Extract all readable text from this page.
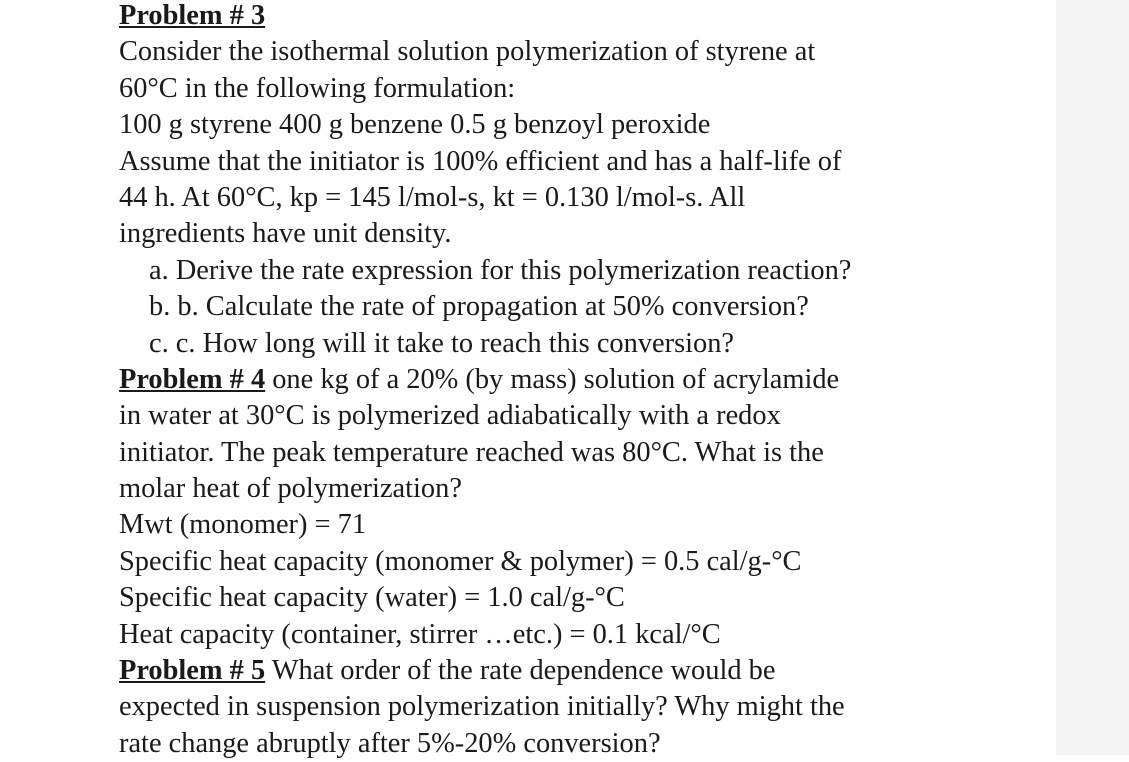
Problem # 3
Consider the isothermal solution polymerization of styrene at
60°C in the following formulation:
100 g styrene 400 g benzene 0.5 g benzoyl peroxide
Assume that the initiator is 100% efficient and has a half-life of
44 h. At 60°C, kp = 145 l/mol-s, kt = 0.130 l/mol-s. All
ingredients have unit density.
a. Derive the rate expression for this polymerization reaction?
b. b. Calculate the rate of propagation at 50% conversion?
c. c. How long will it take to reach this conversion?
Problem # 4 one kg of a 20% (by mass) solution of acrylamide
in water at 30°C is polymerized adiabatically with a redox
initiator. The peak temperature reached was 80°C. What is the
molar heat of polymerization?
Mwt (monomer) = 71
Specific heat capacity (monomer & polymer) = 0.5 cal/g-°C
Specific heat capacity (water) = 1.0 cal/g-°C
Heat capacity (container, stirrer …etc.) = 0.1 kcal/°C
Problem # 5 What order of the rate dependence would be
expected in suspension polymerization initially? Why might the
rate change abruptly after 5%-20% conversion?
